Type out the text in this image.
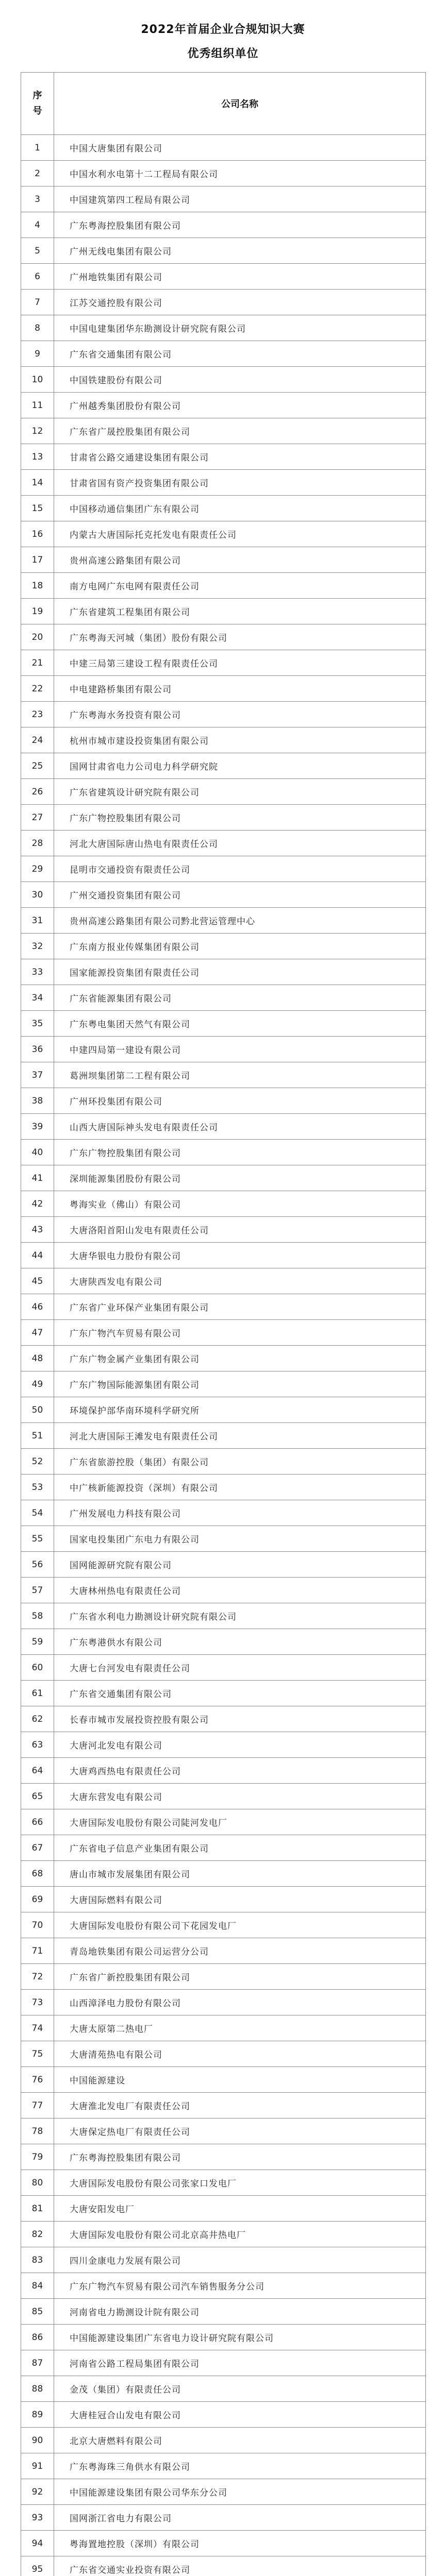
2022年首届企业合规知识大赛

优秀组织单位

序
号	公司名称
1	中国大唐集团有限公司
2	中国水利水电第十二工程局有限公司
3	中国建筑第四工程局有限公司
4	广东粤海控股集团有限公司
5	广州无线电集团有限公司
6	广州地铁集团有限公司
7	江苏交通控股有限公司
8	中国电建集团华东勘测设计研究院有限公司
9	广东省交通集团有限公司
10	中国铁建股份有限公司
11	广州越秀集团股份有限公司
12	广东省广晟控股集团有限公司
13	甘肃省公路交通建设集团有限公司
14	甘肃省国有资产投资集团有限公司
15	中国移动通信集团广东有限公司
16	内蒙古大唐国际托克托发电有限责任公司
17	贵州高速公路集团有限公司
18	南方电网广东电网有限责任公司
19	广东省建筑工程集团有限公司
20	广东粤海天河城（集团）股份有限公司
21	中建三局第三建设工程有限责任公司
22	中电建路桥集团有限公司
23	广东粤海水务投资有限公司
24	杭州市城市建设投资集团有限公司
25	国网甘肃省电力公司电力科学研究院
26	广东省建筑设计研究院有限公司
27	广东广物控股集团有限公司
28	河北大唐国际唐山热电有限责任公司
29	昆明市交通投资有限责任公司
30	广州交通投资集团有限公司
31	贵州高速公路集团有限公司黔北营运管理中心
32	广东南方报业传媒集团有限公司
33	国家能源投资集团有限责任公司
34	广东省能源集团有限公司
35	广东粤电集团天然气有限公司
36	中建四局第一建设有限公司
37	葛洲坝集团第二工程有限公司
38	广州环投集团有限公司
39	山西大唐国际神头发电有限责任公司
40	广东广物控股集团有限公司
41	深圳能源集团股份有限公司
42	粤海实业（佛山）有限公司
43	大唐洛阳首阳山发电有限责任公司
44	大唐华银电力股份有限公司
45	大唐陕西发电有限公司
46	广东省广业环保产业集团有限公司
47	广东广物汽车贸易有限公司
48	广东广物金属产业集团有限公司
49	广东广物国际能源集团有限公司
50	环境保护部华南环境科学研究所
51	河北大唐国际王滩发电有限责任公司
52	广东省旅游控股（集团）有限公司
53	中广核新能源投资（深圳）有限公司
54	广州发展电力科技有限公司
55	国家电投集团广东电力有限公司
56	国网能源研究院有限公司
57	大唐林州热电有限责任公司
58	广东省水利电力勘测设计研究院有限公司
59	广东粤港供水有限公司
60	大唐七台河发电有限责任公司
61	广东省交通集团有限公司
62	长春市城市发展投资控股有限公司
63	大唐河北发电有限公司
64	大唐鸡西热电有限责任公司
65	大唐东营发电有限公司
66	大唐国际发电股份有限公司陡河发电厂
67	广东省电子信息产业集团有限公司
68	唐山市城市发展集团有限公司
69	大唐国际燃料有限公司
70	大唐国际发电股份有限公司下花园发电厂
71	青岛地铁集团有限公司运营分公司
72	广东省广新控股集团有限公司
73	山西漳泽电力股份有限公司
74	大唐太原第二热电厂
75	大唐清苑热电有限公司
76	中国能源建设
77	大唐淮北发电厂有限责任公司
78	大唐保定热电厂有限责任公司
79	广东粤海控股集团有限公司
80	大唐国际发电股份有限公司张家口发电厂
81	大唐安阳发电厂
82	大唐国际发电股份有限公司北京高井热电厂
83	四川金康电力发展有限公司
84	广东广物汽车贸易有限公司汽车销售服务分公司
85	河南省电力勘测设计院有限公司
86	中国能源建设集团广东省电力设计研究院有限公司
87	河南省公路工程局集团有限公司
88	金茂（集团）有限责任公司
89	大唐桂冠合山发电有限公司
90	北京大唐燃料有限公司
91	广东粤海珠三角供水有限公司
92	中国能源建设集团有限公司华东分公司
93	国网浙江省电力有限公司
94	粤海置地控股（深圳）有限公司
95	广东省交通实业投资有限公司
